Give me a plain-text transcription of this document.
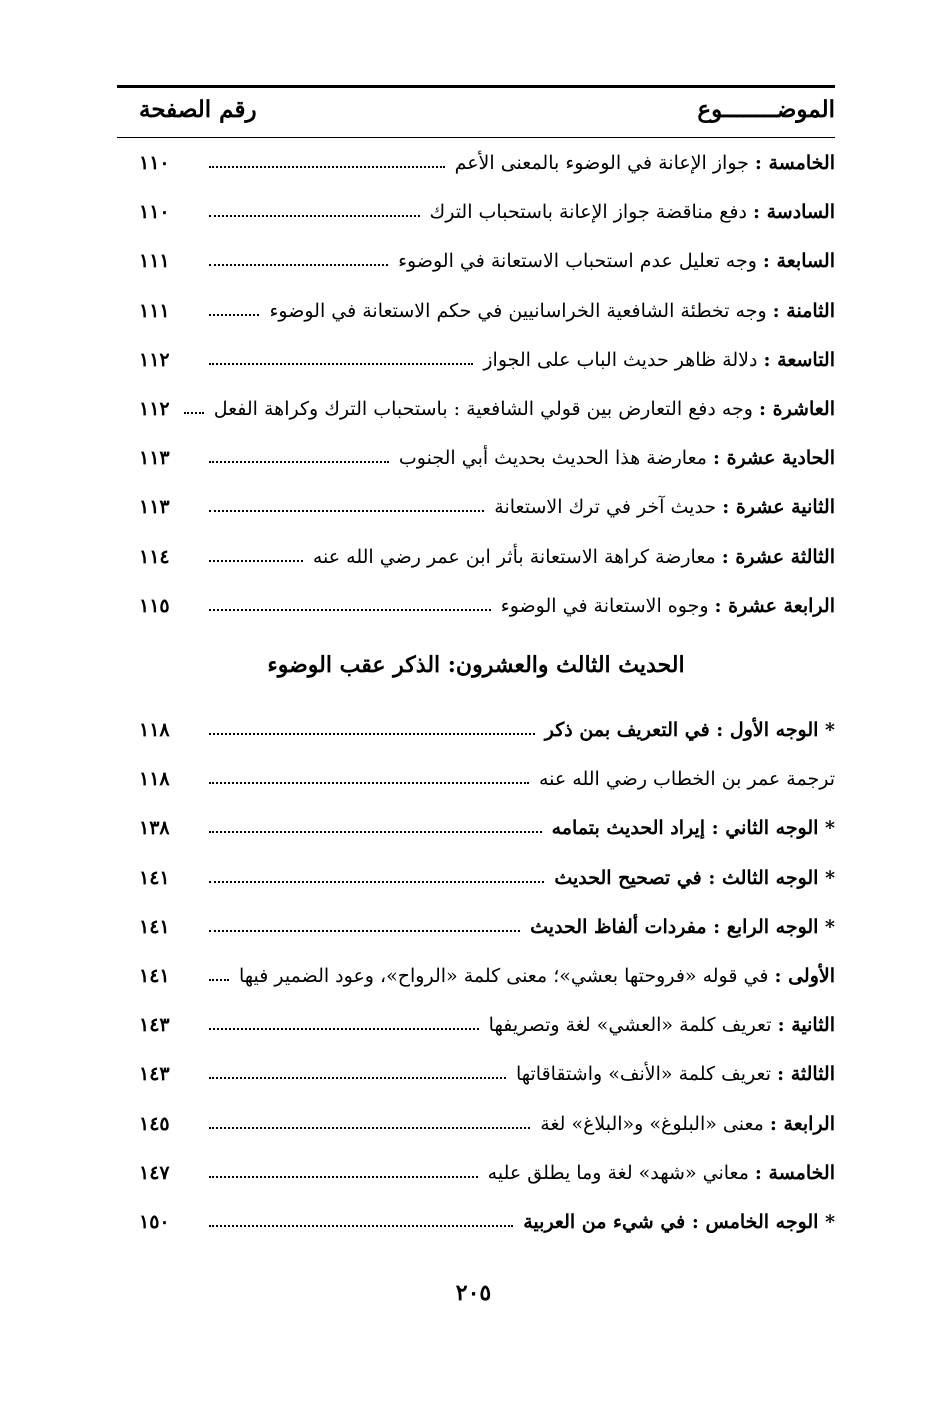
الموضــــــــوع
رقم الصفحة
الخامسة : جواز الإعانة في الوضوء بالمعنى الأعم
١١٠
السادسة : دفع مناقضة جواز الإعانة باستحباب الترك
١١٠
السابعة : وجه تعليل عدم استحباب الاستعانة في الوضوء
١١١
الثامنة : وجه تخطئة الشافعية الخراسانيين في حكم الاستعانة في الوضوء
١١١
التاسعة : دلالة ظاهر حديث الباب على الجواز
١١٢
العاشرة : وجه دفع التعارض بين قولي الشافعية : باستحباب الترك وكراهة الفعل
١١٢
الحادية عشرة : معارضة هذا الحديث بحديث أبي الجنوب
١١٣
الثانية عشرة : حديث آخر في ترك الاستعانة
١١٣
الثالثة عشرة : معارضة كراهة الاستعانة بأثر ابن عمر رضي الله عنه
١١٤
الرابعة عشرة : وجوه الاستعانة في الوضوء
١١٥
* الوجه الأول : في التعريف بمن ذكر
١١٨
ترجمة عمر بن الخطاب رضي الله عنه
١١٨
* الوجه الثاني : إيراد الحديث بتمامه
١٣٨
* الوجه الثالث : في تصحيح الحديث
١٤١
* الوجه الرابع : مفردات ألفاظ الحديث
١٤١
الأولى : في قوله «فروحتها بعشي»؛ معنى كلمة «الرواح»، وعود الضمير فيها
١٤١
الثانية : تعريف كلمة «العشي» لغة وتصريفها
١٤٣
الثالثة : تعريف كلمة «الأنف» واشتقاقاتها
١٤٣
الرابعة : معنى «البلوغ» و«البلاغ» لغة
١٤٥
الخامسة : معاني «شهد» لغة وما يطلق عليه
١٤٧
* الوجه الخامس : في شيء من العربية
١٥٠
الحديث الثالث والعشرون: الذكر عقب الوضوء
٢٠٥
